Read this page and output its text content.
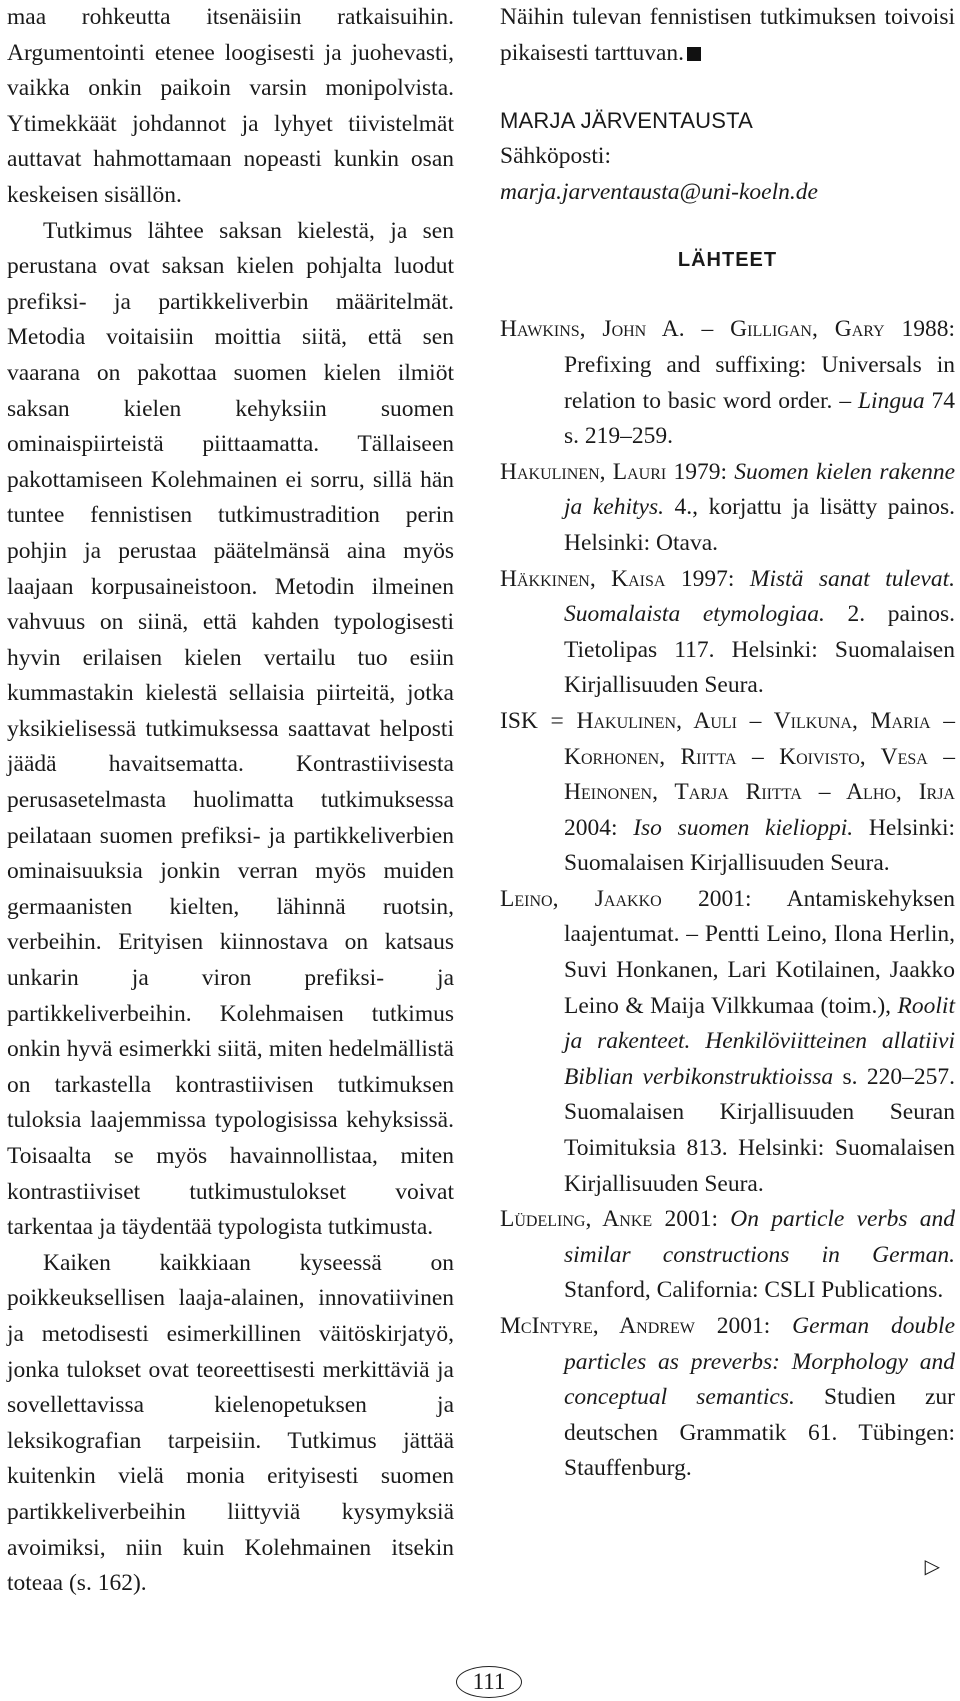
maa rohkeutta itsenäisiin ratkaisuihin. Argumentointi etenee loogisesti ja juohevasti, vaikka onkin paikoin varsin monipolvista. Ytimekkäät johdannot ja lyhyet tiivistelmät auttavat hahmottamaan nopeasti kunkin osan keskeisen sisällön.

Tutkimus lähtee saksan kielestä, ja sen perustana ovat saksan kielen pohjalta luodut prefiksi- ja partikkeliverbin määritelmät. Metodia voitaisiin moittia siitä, että sen vaarana on pakottaa suomen kielen ilmiöt saksan kielen kehyksiin suomen ominaispiirteistä piittaamatta. Tällaiseen pakottamiseen Kolehmainen ei sorru, sillä hän tuntee fennistisen tutkimustradition perin pohjin ja perustaa päätelmänsä aina myös laajaan korpusaineistoon. Metodin ilmeinen vahvuus on siinä, että kahden typologisesti hyvin erilaisen kielen vertailu tuo esiin kummastakin kielestä sellaisia piirteitä, jotka yksikielisessä tutkimuksessa saattavat helposti jäädä havaitsematta. Kontrastiivisesta perusasetelmasta huolimatta tutkimuksessa peilataan suomen prefiksi- ja partikkeliverbien ominaisuuksia jonkin verran myös muiden germaanisten kielten, lähinnä ruotsin, verbeihin. Erityisen kiinnostava on katsaus unkarin ja viron prefiksi- ja partikkeliverbeihin. Kolehmaisen tutkimus onkin hyvä esimerkki siitä, miten hedelmällistä on tarkastella kontrastiivisen tutkimuksen tuloksia laajemmissa typologisissa kehyksissä. Toisaalta se myös havainnollistaa, miten kontrastiiviset tutkimustulokset voivat tarkentaa ja täydentää typologista tutkimusta.

Kaiken kaikkiaan kyseessä on poikkeuksellisen laaja-alainen, innovatiivinen ja metodisesti esimerkillinen väitöskirjatyö, jonka tulokset ovat teoreettisesti merkittäviä ja sovellettavissa kielenopetuksen ja leksikografian tarpeisiin. Tutkimus jättää kuitenkin vielä monia erityisesti suomen partikkeliverbeihin liittyviä kysymyksiä avoimiksi, niin kuin Kolehmainen itsekin toteaa (s. 162).

Näihin tulevan fennistisen tutkimuksen toivoisi pikaisesti tarttuvan.

MARJA JÄRVENTAUSTA
Sähköposti:
marja.jarventausta@uni-koeln.de
LÄHTEET

Hawkins, John A. – Gilligan, Gary 1988: Prefixing and suffixing: Universals in relation to basic word order. – Lingua 74 s. 219–259.

Hakulinen, Lauri 1979: Suomen kielen rakenne ja kehitys. 4., korjattu ja lisätty painos. Helsinki: Otava.

Häkkinen, Kaisa 1997: Mistä sanat tulevat. Suomalaista etymologiaa. 2. painos. Tietolipas 117. Helsinki: Suomalaisen Kirjallisuuden Seura.

ISK = Hakulinen, Auli – Vilkuna, Maria – Korhonen, Riitta – Koivisto, Vesa – Heinonen, Tarja Riitta – Alho, Irja 2004: Iso suomen kielioppi. Helsinki: Suomalaisen Kirjallisuuden Seura.

Leino, Jaakko 2001: Antamiskehyksen laajentumat. – Pentti Leino, Ilona Herlin, Suvi Honkanen, Lari Kotilainen, Jaakko Leino & Maija Vilkkumaa (toim.), Roolit ja rakenteet. Henkilöviitteinen allatiivi Biblian verbikonstruktioissa s. 220–257. Suomalaisen Kirjallisuuden Seuran Toimituksia 813. Helsinki: Suomalaisen Kirjallisuuden Seura.

Lüdeling, Anke 2001: On particle verbs and similar constructions in German. Stanford, California: CSLI Publications.

McIntyre, Andrew 2001: German double particles as preverbs: Morphology and conceptual semantics. Studien zur deutschen Grammatik 61. Tübingen: Stauffenburg.

▷
111
